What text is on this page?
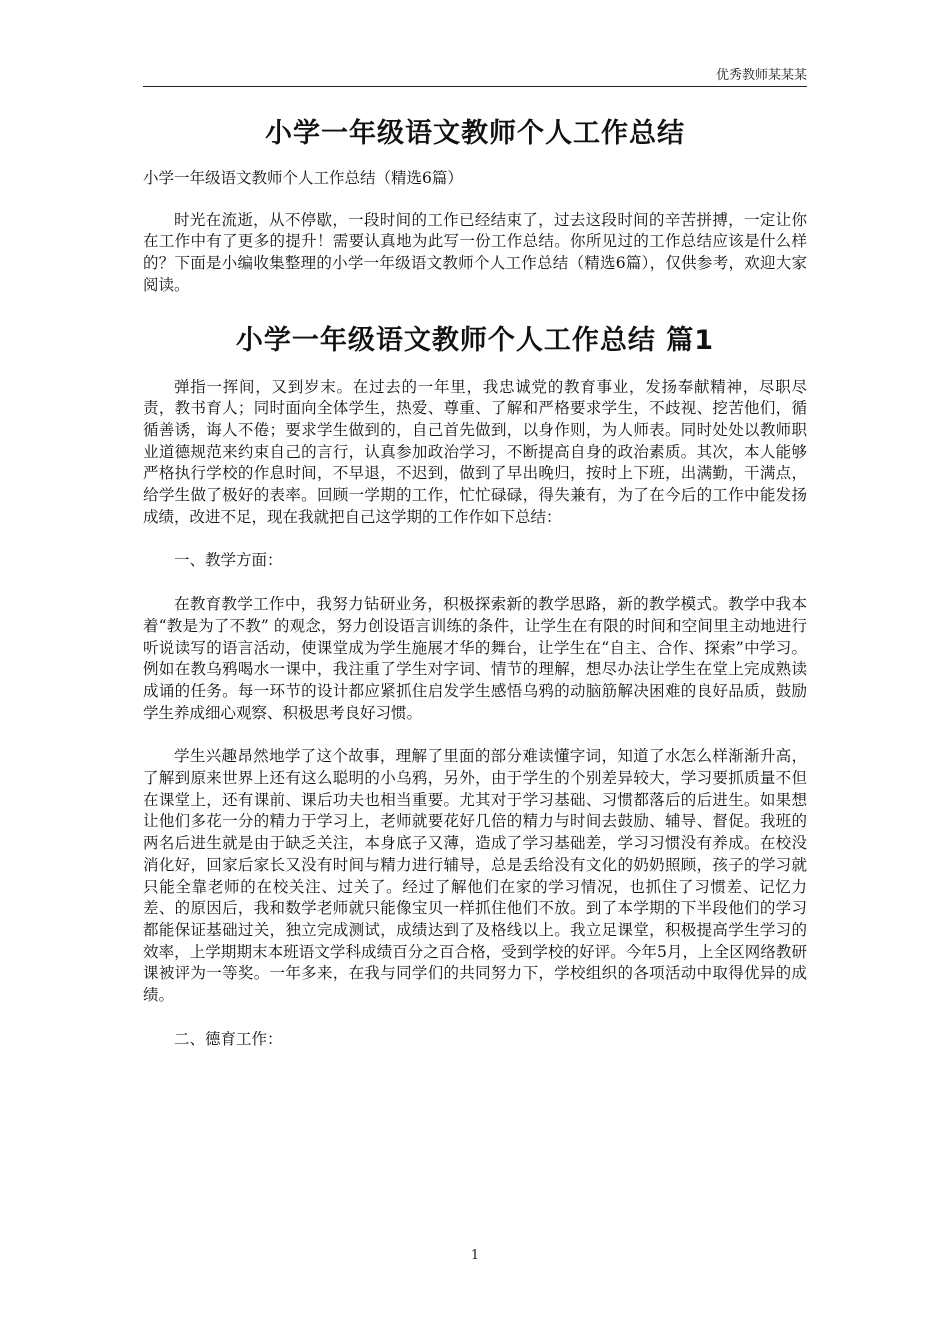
优秀教师某某某
小学一年级语文教师个人工作总结

小学一年级语文教师个人工作总结（精选6篇）

时光在流逝，从不停歇，一段时间的工作已经结束了，过去这段时间的辛苦拼搏，一定让你在工作中有了更多的提升！需要认真地为此写一份工作总结。你所见过的工作总结应该是什么样的？下面是小编收集整理的小学一年级语文教师个人工作总结（精选6篇），仅供参考，欢迎大家阅读。

小学一年级语文教师个人工作总结 篇1

弹指一挥间，又到岁末。在过去的一年里，我忠诚党的教育事业，发扬奉献精神，尽职尽责，教书育人；同时面向全体学生，热爱、尊重、了解和严格要求学生，不歧视、挖苦他们，循循善诱，诲人不倦；要求学生做到的，自己首先做到，以身作则，为人师表。同时处处以教师职业道德规范来约束自己的言行，认真参加政治学习，不断提高自身的政治素质。其次，本人能够严格执行学校的作息时间，不早退，不迟到，做到了早出晚归，按时上下班，出满勤，干满点，给学生做了极好的表率。回顾一学期的工作，忙忙碌碌，得失兼有，为了在今后的工作中能发扬成绩，改进不足，现在我就把自己这学期的工作作如下总结：

一、教学方面：

在教育教学工作中，我努力钻研业务，积极探索新的教学思路，新的教学模式。教学中我本着“教是为了不教” 的观念，努力创设语言训练的条件，让学生在有限的时间和空间里主动地进行听说读写的语言活动，使课堂成为学生施展才华的舞台，让学生在“自主、合作、探索”中学习。例如在教乌鸦喝水一课中，我注重了学生对字词、情节的理解，想尽办法让学生在堂上完成熟读成诵的任务。每一环节的设计都应紧抓住启发学生感悟乌鸦的动脑筋解决困难的良好品质，鼓励学生养成细心观察、积极思考良好习惯。

学生兴趣昂然地学了这个故事，理解了里面的部分难读懂字词，知道了水怎么样渐渐升高，了解到原来世界上还有这么聪明的小乌鸦，另外，由于学生的个别差异较大，学习要抓质量不但在课堂上，还有课前、课后功夫也相当重要。尤其对于学习基础、习惯都落后的后进生。如果想让他们多花一分的精力于学习上，老师就要花好几倍的精力与时间去鼓励、辅导、督促。我班的两名后进生就是由于缺乏关注，本身底子又薄，造成了学习基础差，学习习惯没有养成。在校没消化好，回家后家长又没有时间与精力进行辅导，总是丢给没有文化的奶奶照顾，孩子的学习就只能全靠老师的在校关注、过关了。经过了解他们在家的学习情况，也抓住了习惯差、记忆力差、的原因后，我和数学老师就只能像宝贝一样抓住他们不放。到了本学期的下半段他们的学习都能保证基础过关，独立完成测试，成绩达到了及格线以上。我立足课堂，积极提高学生学习的效率，上学期期末本班语文学科成绩百分之百合格，受到学校的好评。今年5月，上全区网络教研课被评为一等奖。一年多来，在我与同学们的共同努力下，学校组织的各项活动中取得优异的成绩。

二、德育工作：

1
